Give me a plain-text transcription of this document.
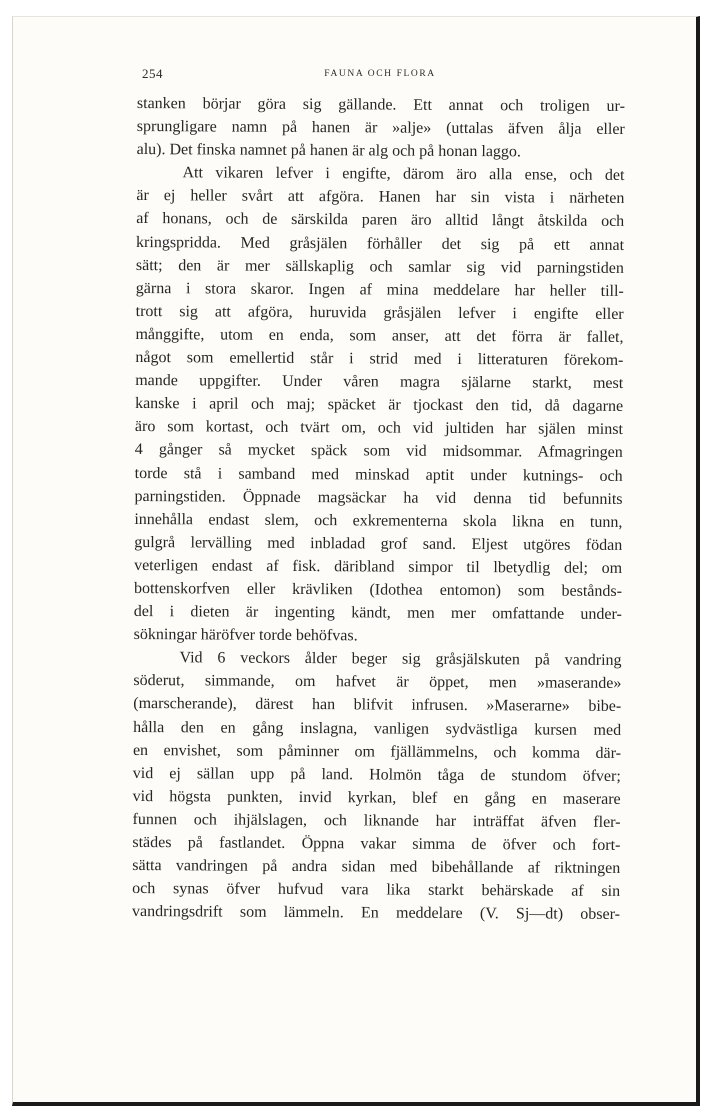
254	FAUNA OCH FLORA
stanken börjar göra sig gällande. Ett annat och troligen ur-
sprungligare namn på hanen är »alje» (uttalas äfven ålja eller
alu). Det finska namnet på hanen är alg och på honan laggo.
Att vikaren lefver i engifte, därom äro alla ense, och det
är ej heller svårt att afgöra. Hanen har sin vista i närheten
af honans, och de särskilda paren äro alltid långt åtskilda och
kringspridda. Med gråsjälen förhåller det sig på ett annat
sätt; den är mer sällskaplig och samlar sig vid parningstiden
gärna i stora skaror. Ingen af mina meddelare har heller till-
trott sig att afgöra, huruvida gråsjälen lefver i engifte eller
månggifte, utom en enda, som anser, att det förra är fallet,
något som emellertid står i strid med i litteraturen förekom-
mande uppgifter. Under våren magra själarne starkt, mest
kanske i april och maj; späcket är tjockast den tid, då dagarne
äro som kortast, och tvärt om, och vid jultiden har själen minst
4 gånger så mycket späck som vid midsommar. Afmagringen
torde stå i samband med minskad aptit under kutnings- och
parningstiden. Öppnade magsäckar ha vid denna tid befunnits
innehålla endast slem, och exkrementerna skola likna en tunn,
gulgrå lervälling med inbladad grof sand. Eljest utgöres födan
veterligen endast af fisk. däribland simpor til lbetydlig del; om
bottenskorfven eller krävliken (Idothea entomon) som bestånds-
del i dieten är ingenting kändt, men mer omfattande under-
sökningar häröfver torde behöfvas.
Vid 6 veckors ålder beger sig gråsjälskuten på vandring
söderut, simmande, om hafvet är öppet, men »maserande»
(marscherande), därest han blifvit infrusen. »Maserarne» bibe-
hålla den en gång inslagna, vanligen sydvästliga kursen med
en envishet, som påminner om fjällämmelns, och komma där-
vid ej sällan upp på land. Holmön tåga de stundom öfver;
vid högsta punkten, invid kyrkan, blef en gång en maserare
funnen och ihjälslagen, och liknande har inträffat äfven fler-
städes på fastlandet. Öppna vakar simma de öfver och fort-
sätta vandringen på andra sidan med bibehållande af riktningen
och synas öfver hufvud vara lika starkt behärskade af sin
vandringsdrift som lämmeln. En meddelare (V. Sj—dt) obser-
